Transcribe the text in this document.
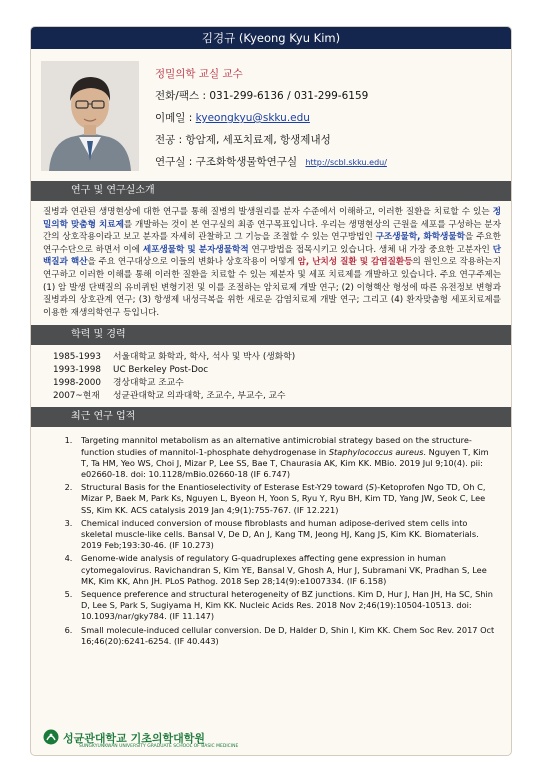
김경규 (Kyeong Kyu Kim)
정밀의학 교실 교수
전화/팩스 : 031-299-6136 / 031-299-6159
이메일 : kyeongkyu@skku.edu
전공 : 항암제, 세포치료제, 항생제내성
연구실 : 구조화학생물학연구실 http://scbl.skku.edu/
연구 및 연구실소개
질병과 연관된 생명현상에 대한 연구를 통해 질병의 발생원리를 분자 수준에서 이해하고, 이러한 질환을 치료할 수 있는 정밀의학 맞춤형 치료제를 개발하는 것이 본 연구실의 최종 연구목표입니다. 우리는 생명현상의 근원을 세포를 구성하는 분자간의 상호작용이라고 보고 분자를 자세히 관찰하고 그 기능을 조절할 수 있는 연구방법인 구조생물학, 화학생물학을 주요한 연구수단으로 하면서 이에 세포생물학 및 분자생물학적 연구방법을 접목시키고 있습니다. 생체 내 가장 중요한 고분자인 단백질과 핵산을 주요 연구대상으로 이들의 변화나 상호작용이 어떻게 암, 난치성 질환 및 감염질환등의 원인으로 작용하는지 연구하고 이러한 이해를 통해 이러한 질환을 치료할 수 있는 제분자 및 세포 치료제를 개발하고 있습니다. 주요 연구주제는 (1) 암 발생 단백질의 유비퀴틴 변형기전 및 이를 조절하는 암치료제 개발 연구; (2) 이형핵산 형성에 따른 유전정보 변형과 질병과의 상호관계 연구; (3) 항생제 내성극복을 위한 새로운 감염치료제 개발 연구; 그리고 (4) 환자맞춤형 세포치료제를 이용한 재생의학연구 등입니다.
학력 및 경력
1985-1993 서울대학교 화학과, 학사, 석사 및 박사 (생화학)
1993-1998 UC Berkeley Post-Doc
1998-2000 경상대학교 조교수
2007~현재 성균관대학교 의과대학, 조교수, 부교수, 교수
최근 연구 업적
1. Targeting mannitol metabolism as an alternative antimicrobial strategy based on the structure-function studies of mannitol-1-phosphate dehydrogenase in Staphylococcus aureus. Nguyen T, Kim T, Ta HM, Yeo WS, Choi J, Mizar P, Lee SS, Bae T, Chaurasia AK, Kim KK. MBio. 2019 Jul 9;10(4). pii: e02660-18. doi: 10.1128/mBio.02660-18 (IF 6.747)
2. Structural Basis for the Enantioselectivity of Esterase Est-Y29 toward (S)-Ketoprofen Ngo TD, Oh C, Mizar P, Baek M, Park Ks, Nguyen L, Byeon H, Yoon S, Ryu Y, Ryu BH, Kim TD, Yang JW, Seok C, Lee SS, Kim KK. ACS catalysis 2019 Jan 4;9(1):755-767. (IF 12.221)
3. Chemical induced conversion of mouse fibroblasts and human adipose-derived stem cells into skeletal muscle-like cells. Bansal V, De D, An J, Kang TM, Jeong HJ, Kang JS, Kim KK. Biomaterials. 2019 Feb;193:30-46. (IF 10.273)
4. Genome-wide analysis of regulatory G-quadruplexes affecting gene expression in human cytomegalovirus. Ravichandran S, Kim YE, Bansal V, Ghosh A, Hur J, Subramani VK, Pradhan S, Lee MK, Kim KK, Ahn JH. PLoS Pathog. 2018 Sep 28;14(9):e1007334. (IF 6.158)
5. Sequence preference and structural heterogeneity of BZ junctions. Kim D, Hur J, Han JH, Ha SC, Shin D, Lee S, Park S, Sugiyama H, Kim KK. Nucleic Acids Res. 2018 Nov 2;46(19):10504-10513. doi: 10.1093/nar/gky784. (IF 11.147)
6. Small molecule-induced cellular conversion. De D, Halder D, Shin I, Kim KK. Chem Soc Rev. 2017 Oct 16;46(20):6241-6254. (IF 40.443)
성균관대학교 기초의학대학원
SUNGKYUNKWAN UNIVERSITY GRADUATE SCHOOL OF BASIC MEDICINE
